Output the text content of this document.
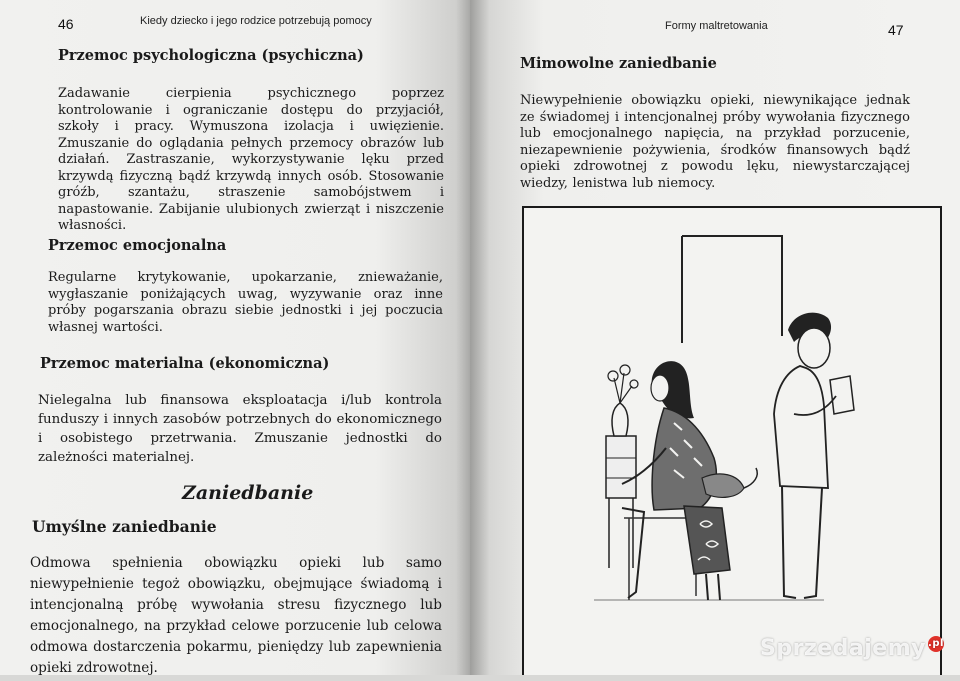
46	Kiedy dziecko i jego rodzice potrzebują pomocy
Przemoc psychologiczna (psychiczna)

Zadawanie cierpienia psychicznego poprzez kontrolowanie i ograniczanie dostępu do przyjaciół, szkoły i pracy. Wymuszona izolacja i uwięzienie. Zmuszanie do oglądania pełnych przemocy obrazów lub działań. Zastraszanie, wykorzystywanie lęku przed krzywdą fizyczną bądź krzywdą innych osób. Stosowanie gróźb, szantażu, straszenie samobójstwem i napastowanie. Zabijanie ulubionych zwierząt i niszczenie własności.

Przemoc emocjonalna

Regularne krytykowanie, upokarzanie, znieważanie, wygłaszanie poniżających uwag, wyzywanie oraz inne próby pogarszania obrazu siebie jednostki i jej poczucia własnej wartości.

Przemoc materialna (ekonomiczna)

Nielegalna lub finansowa eksploatacja i/lub kontrola funduszy i innych zasobów potrzebnych do ekonomicznego i osobistego przetrwania. Zmuszanie jednostki do zależności materialnej.

Zaniedbanie
Umyślne zaniedbanie

Odmowa spełnienia obowiązku opieki lub samo niewypełnienie tegoż obowiązku, obejmujące świadomą i intencjonalną próbę wywołania stresu fizycznego lub emocjonalnego, na przykład celowe porzucenie lub celowa odmowa dostarczenia pokarmu, pieniędzy lub zapewnienia opieki zdrowotnej.

Formy maltretowania	47
Mimowolne zaniedbanie

Niewypełnienie obowiązku opieki, niewynikające jednak ze świadomej i intencjonalnej próby wywołania fizycznego lub emocjonalnego napięcia, na przykład porzucenie, niezapewnienie pożywienia, środków finansowych bądź opieki zdrowotnej z powodu lęku, niewystarczającej wiedzy, lenistwa lub niemocy.

Sprzedajemy .pl
